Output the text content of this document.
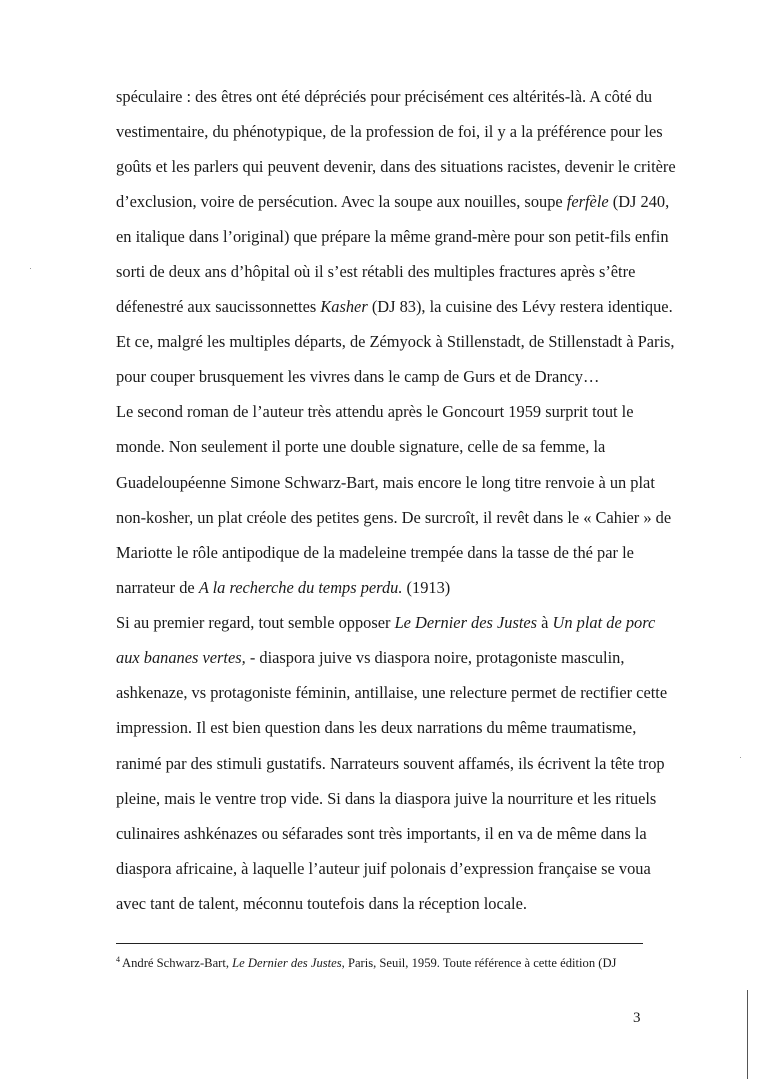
spéculaire : des êtres ont été dépréciés pour précisément ces altérités-là. A côté du

vestimentaire, du phénotypique, de la profession de foi, il y a la préférence pour les

goûts et les parlers qui peuvent devenir, dans des situations racistes, devenir le critère

d’exclusion, voire de persécution. Avec la soupe aux nouilles, soupe ferfèle (DJ 240,

en italique dans l’original) que prépare la même grand-mère pour son petit-fils enfin

sorti de deux ans d’hôpital où il s’est rétabli des multiples fractures après s’être

défenestré aux saucissonnettes Kasher (DJ 83), la cuisine des Lévy restera identique.

Et ce, malgré les multiples départs, de Zémyock à Stillenstadt, de Stillenstadt à Paris,

pour couper brusquement les vivres dans le camp de Gurs et de Drancy…

Le second roman de l’auteur très attendu après le Goncourt 1959 surprit tout le

monde. Non seulement il porte une double signature, celle de sa femme, la

Guadeloupéenne Simone Schwarz-Bart, mais encore le long titre renvoie à un plat

non-kosher, un plat créole des petites gens. De surcroît, il revêt dans le « Cahier » de

Mariotte le rôle antipodique de la madeleine trempée dans la tasse de thé par le

narrateur de A la recherche du temps perdu. (1913)

Si au premier regard, tout semble opposer Le Dernier des Justes à Un plat de porc

aux bananes vertes, - diaspora juive vs diaspora noire, protagoniste masculin,

ashkenaze, vs protagoniste féminin, antillaise, une relecture permet de rectifier cette

impression. Il est bien question dans les deux narrations du même traumatisme,

ranimé par des stimuli gustatifs. Narrateurs souvent affamés, ils écrivent la tête trop

pleine, mais le ventre trop vide. Si dans la diaspora juive la nourriture et les rituels

culinaires ashkénazes ou séfarades sont très importants, il en va de même dans la

diaspora africaine, à laquelle l’auteur juif polonais d’expression française se voua

avec tant de talent, méconnu toutefois dans la réception locale.

$^4$ André Schwarz-Bart, Le Dernier des Justes, Paris, Seuil, 1959. Toute référence à cette édition (DJ
3
